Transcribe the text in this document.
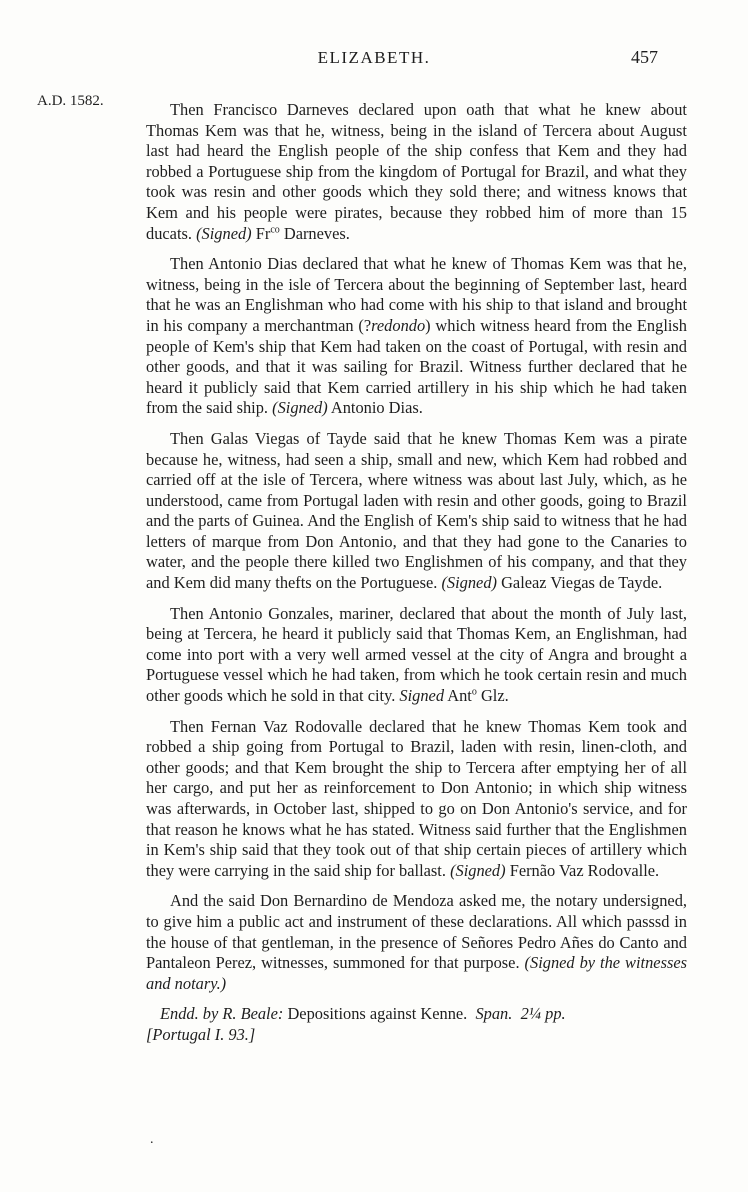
ELIZABETH.	457
A.D. 1582.	Then Francisco Darneves declared upon oath that what he knew about Thomas Kem was that he, witness, being in the island of Tercera about August last had heard the English people of the ship confess that Kem and they had robbed a Portuguese ship from the kingdom of Portugal for Brazil, and what they took was resin and other goods which they sold there; and witness knows that Kem and his people were pirates, because they robbed him of more than 15 ducats. (Signed) $Fr^{co}$ Darneves.

Then Antonio Dias declared that what he knew of Thomas Kem was that he, witness, being in the isle of Tercera about the beginning of September last, heard that he was an Englishman who had come with his ship to that island and brought in his company a merchantman (?redondo) which witness heard from the English people of Kem's ship that Kem had taken on the coast of Portugal, with resin and other goods, and that it was sailing for Brazil. Witness further declared that he heard it publicly said that Kem carried artillery in his ship which he had taken from the said ship. (Signed) Antonio Dias.

Then Galas Viegas of Tayde said that he knew Thomas Kem was a pirate because he, witness, had seen a ship, small and new, which Kem had robbed and carried off at the isle of Tercera, where witness was about last July, which, as he understood, came from Portugal laden with resin and other goods, going to Brazil and the parts of Guinea. And the English of Kem's ship said to witness that he had letters of marque from Don Antonio, and that they had gone to the Canaries to water, and the people there killed two Englishmen of his company, and that they and Kem did many thefts on the Portuguese. (Signed) Galeaz Viegas de Tayde.

Then Antonio Gonzales, mariner, declared that about the month of July last, being at Tercera, he heard it publicly said that Thomas Kem, an Englishman, had come into port with a very well armed vessel at the city of Angra and brought a Portuguese vessel which he had taken, from which he took certain resin and much other goods which he sold in that city. Signed Ant$^o$ Glz.

Then Fernan Vaz Rodovalle declared that he knew Thomas Kem took and robbed a ship going from Portugal to Brazil, laden with resin, linen-cloth, and other goods; and that Kem brought the ship to Tercera after emptying her of all her cargo, and put her as reinforcement to Don Antonio; in which ship witness was afterwards, in October last, shipped to go on Don Antonio's service, and for that reason he knows what he has stated. Witness said further that the Englishmen in Kem's ship said that they took out of that ship certain pieces of artillery which they were carrying in the said ship for ballast. (Signed) Fernão Vaz Rodovalle.

And the said Don Bernardino de Mendoza asked me, the notary undersigned, to give him a public act and instrument of these declarations. All which passsd in the house of that gentleman, in the presence of Señores Pedro Añes do Canto and Pantaleon Perez, witnesses, summoned for that purpose. (Signed by the witnesses and notary.)

Endd. by R. Beale: Depositions against Kenne. Span. 2¼ pp.
[Portugal I. 93.]

.
